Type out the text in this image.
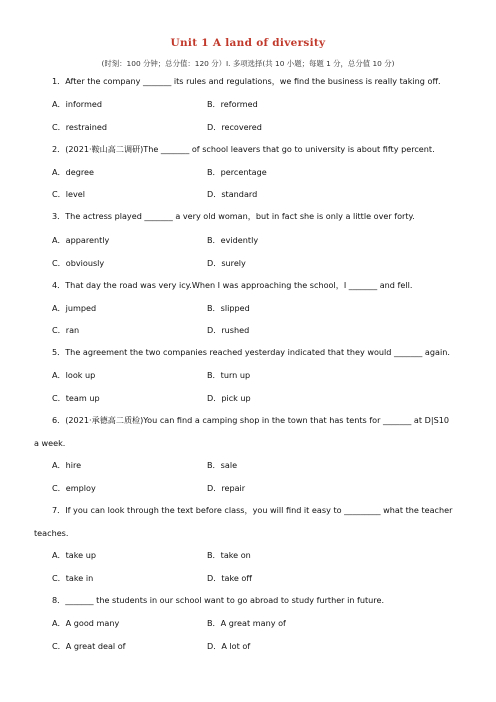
Unit 1 A land of diversity
(时刻：100 分钟；总分值：120 分）Ⅰ. 多项选择(共 10 小题；每题 1 分，总分值 10 分)
1．After the company _______ its rules and regulations，we find the business is really taking off.
A．informed	B．reformed
C．restrained	D．recovered
2．(2021·鞍山高二调研)The _______ of school leavers that go to university is about fifty percent.
A．degree	B．percentage
C．level	D．standard
3．The actress played _______ a very old woman，but in fact she is only a little over forty.
A．apparently	B．evidently
C．obviously	D．surely
4．That day the road was very icy.When I was approaching the school，I _______ and fell.
A．jumped	B．slipped
C．ran	D．rushed
5．The agreement the two companies reached yesterday indicated that they would _______ again.
A．look up	B．turn up
C．team up	D．pick up
6．(2021·承德高二质检)You can find a camping shop in the town that has tents for _______ at D|S10
a week.
A．hire	B．sale
C．employ	D．repair
7．If you can look through the text before class，you will find it easy to _________ what the teacher
teaches.
A．take up	B．take on
C．take in	D．take off
8．_______ the students in our school want to go abroad to study further in future.
A．A good many	B．A great many of
C．A great deal of	D．A lot of
